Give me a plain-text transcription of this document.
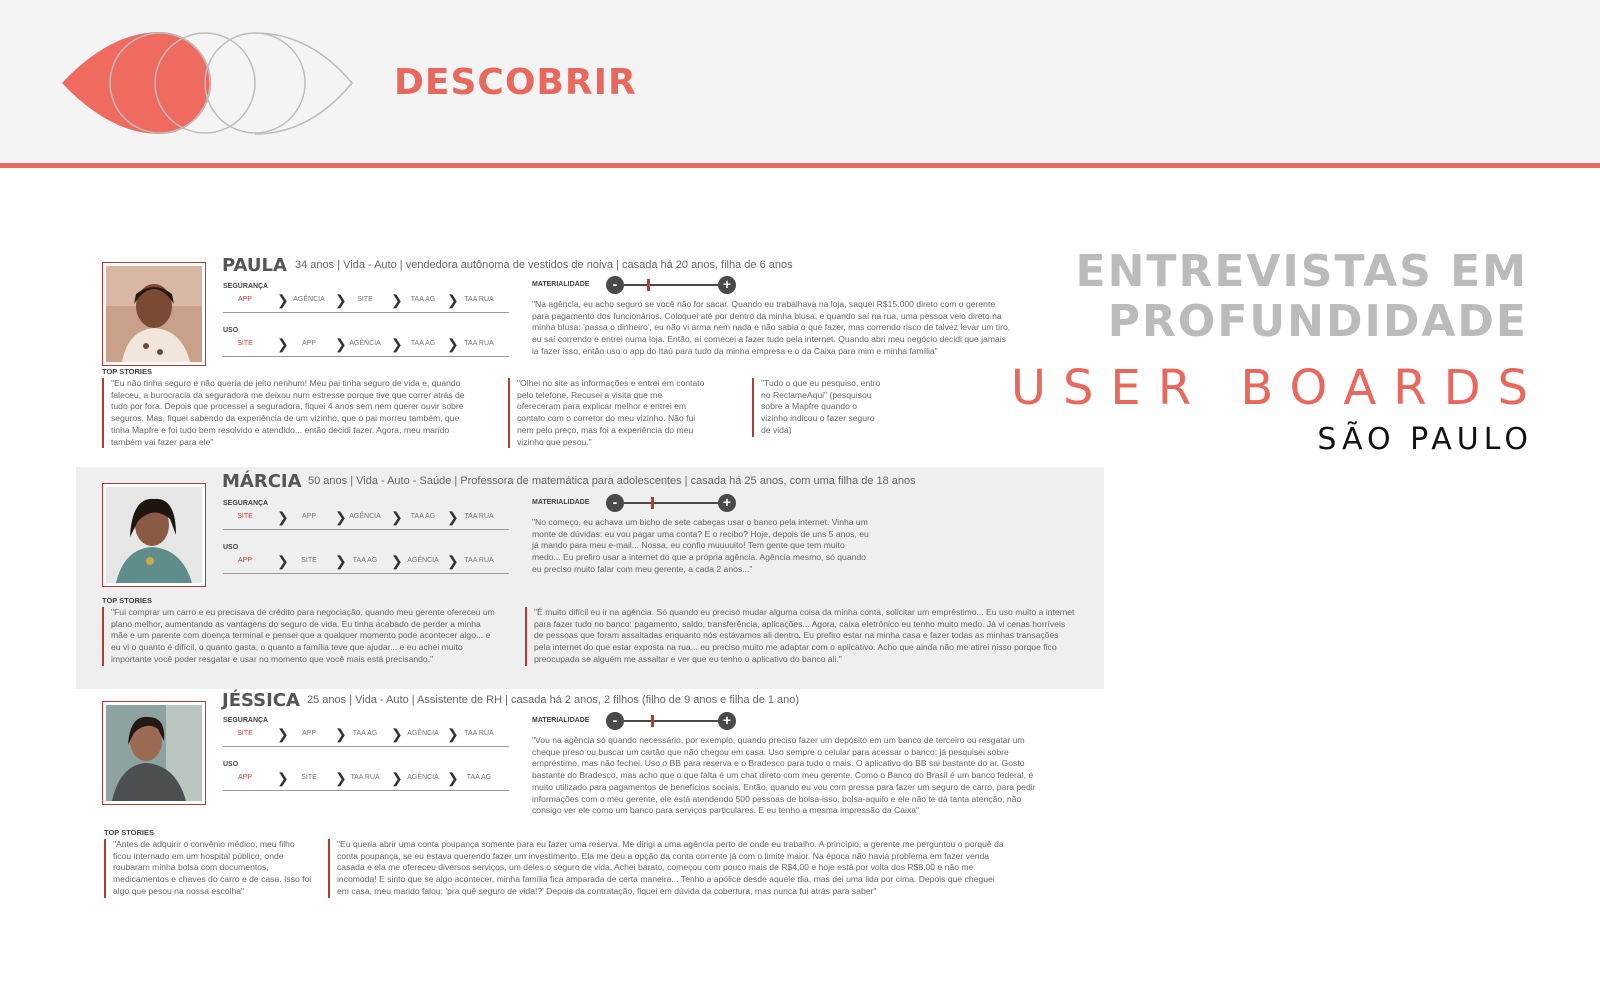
DESCOBRIR
ENTREVISTAS EM
PROFUNDIDADE
USER BOARDS
SÃO PAULO
PAULA 34 anos | Vida - Auto | vendedora autônoma de vestidos de noiva | casada há 20 anos, filha de 6 anos
SEGURANÇA
APP	❯ AGÊNCIA ❯	SITE	❯	TAA AG ❯ TAA RUA
USO
SITE	❯	APP	❯ AGÊNCIA ❯	TAA AG ❯ TAA RUA
MATERIALIDADE	-	+
"Na agência, eu acho seguro se você não for sacar. Quando eu trabalhava na loja, saquei R$15.000 direto com o gerente para pagamento dos funcionários. Coloquei até por dentro da minha blusa, e quando saí na rua, uma pessoa veio direto na minha blusa: 'passa o dinheiro', eu não vi arma nem nada e não sabia o que fazer, mas correndo risco de talvez levar um tiro, eu saí correndo e entrei numa loja. Então, aí comecei a fazer tudo pela internet. Quando abri meu negócio decidi que jamais ia fazer isso, então uso o app do Itaú para tudo da minha empresa e o da Caixa para mim e minha família"
TOP STORIES
"Eu não tinha seguro e não queria de jeito nenhum! Meu pai tinha seguro de vida e, quando faleceu, a burocracia da seguradora me deixou num estresse porque tive que correr atrás de tudo por fora. Depois que processei a seguradora, fiquei 4 anos sem nem querer ouvir sobre seguros. Mas, fiquei sabendo da experiência de um vizinho, que o pai morreu também, que tinha Mapfre e foi tudo bem resolvido e atendido... então decidi fazer. Agora, meu marido também vai fazer para ele"
"Olhei no site as informações e entrei em contato pelo telefone. Recusei a visita que me ofereceram para explicar melhor e entrei em contato com o corretor do meu vizinho. Não fui nem pelo preço, mas foi a experiência do meu vizinho que pesou."
"Tudo o que eu pesquiso, entro no ReclameAqui" (pesquisou sobre a Mapfre quando o vizinho indicou o fazer seguro de vida)
MÁRCIA 50 anos | Vida - Auto - Saúde | Professora de matemática para adolescentes | casada há 25 anos, com uma filha de 18 anos
SEGURANÇA
SITE	❯	APP	❯ AGÊNCIA ❯	TAA AG ❯ TAA RUA
USO
APP	❯	SITE	❯ TAA AG ❯ AGÊNCIA ❯ TAA RUA
MATERIALIDADE	-	+
"No começo, eu achava um bicho de sete cabeças usar o banco pela internet. Vinha um monte de dúvidas: eu vou pagar uma conta? E o recibo? Hoje, depois de uns 5 anos, eu já mando para meu e-mail... Nossa, eu confio muuuuito! Tem gente que tem muito medo... Eu prefiro usar a internet do que a própria agência. Agência mesmo, só quando eu preciso muito falar com meu gerente, a cada 2 anos..."
TOP STORIES
"Fui comprar um carro e eu precisava de crédito para negociação, quando meu gerente ofereceu um plano melhor, aumentando as vantagens do seguro de vida. Eu tinha acabado de perder a minha mãe e um parente com doença terminal e pensei que a qualquer momento pode acontecer algo... e eu vi o quanto é difícil, o quanto gasta, o quanto a família teve que ajudar... e eu achei muito importante você poder resgatar e usar no momento que você mais está precisando."
"É muito difícil eu ir na agência. Só quando eu preciso mudar alguma coisa da minha conta, solicitar um empréstimo... Eu uso muito a internet para fazer tudo no banco: pagamento, saldo, transferência, aplicações... Agora, caixa eletrônico eu tenho muito medo. Já vi cenas horríveis de pessoas que foram assaltadas enquanto nós estávamos ali dentro. Eu prefiro estar na minha casa e fazer todas as minhas transações pela internet do que estar exposta na rua... eu preciso muito me adaptar com o aplicativo. Acho que ainda não me atirei nisso porque fico preocupada se alguém me assaltar e ver que eu tenho o aplicativo do banco ali."
JÉSSICA 25 anos | Vida - Auto | Assistente de RH | casada há 2 anos, 2 filhos (filho de 9 anos e filha de 1 ano)
SEGURANÇA
SITE	❯	APP	❯ TAA AG ❯ AGÊNCIA ❯ TAA RUA
USO
APP	❯	SITE	❯ TAA RUA ❯ AGÊNCIA ❯	TAA AG
MATERIALIDADE	-	+
"Vou na agência só quando necessário, por exemplo, quando preciso fazer um depósito em um banco de terceiro ou resgatar um cheque preso ou buscar um cartão que não chegou em casa. Uso sempre o celular para acessar o banco: já pesquisei sobre empréstimo, mas não fechei. Uso o BB para reserva e o Bradesco para tudo o mais. O aplicativo do BB sai bastante do ar. Gosto bastante do Bradesco, mas acho que o que falta é um chat direto com meu gerente. Como o Banco do Brasil é um banco federal, é muito utilizado para pagamentos de benefícios sociais. Então, quando eu vou com pressa para fazer um seguro de carro, para pedir informações com o meu gerente, ele está atendendo 500 pessoas de bolsa-isso, bolsa-aquilo e ele não te dá tanta atenção, não consigo ver ele como um banco para serviços particulares. E eu tenho a mesma impressão da Caixa"
TOP STORIES
"Antes de adquirir o convênio médico, meu filho ficou internado em um hospital público, onde roubaram minha bolsa com documentos, medicamentos e chaves do carro e de casa. Isso foi algo que pesou na nossa escolha"
"Eu queria abrir uma conta poupança somente para eu fazer uma reserva. Me dirigi a uma agência perto de onde eu trabalho. A princípio, a gerente me perguntou o porquê da conta poupança, se eu estava querendo fazer um investimento. Ela me deu a opção da conta corrente já com o limite maior. Na época não havia problema em fazer venda casada e ela me ofereceu diversos serviços, um deles o seguro de vida. Achei barato, começou com pouco mais de R$4,00 e hoje está por volta dos R$8,00 e não me incomoda! E sinto que se algo acontecer, minha família fica amparada de certa maneira... Tenho a apólice desde aquele dia, mas dei uma lida por cima. Depois que cheguei em casa, meu marido falou: 'pra quê seguro de vida!?' Depois da contratação, fiquei em dúvida da cobertura, mas nunca fui atrás para saber"
